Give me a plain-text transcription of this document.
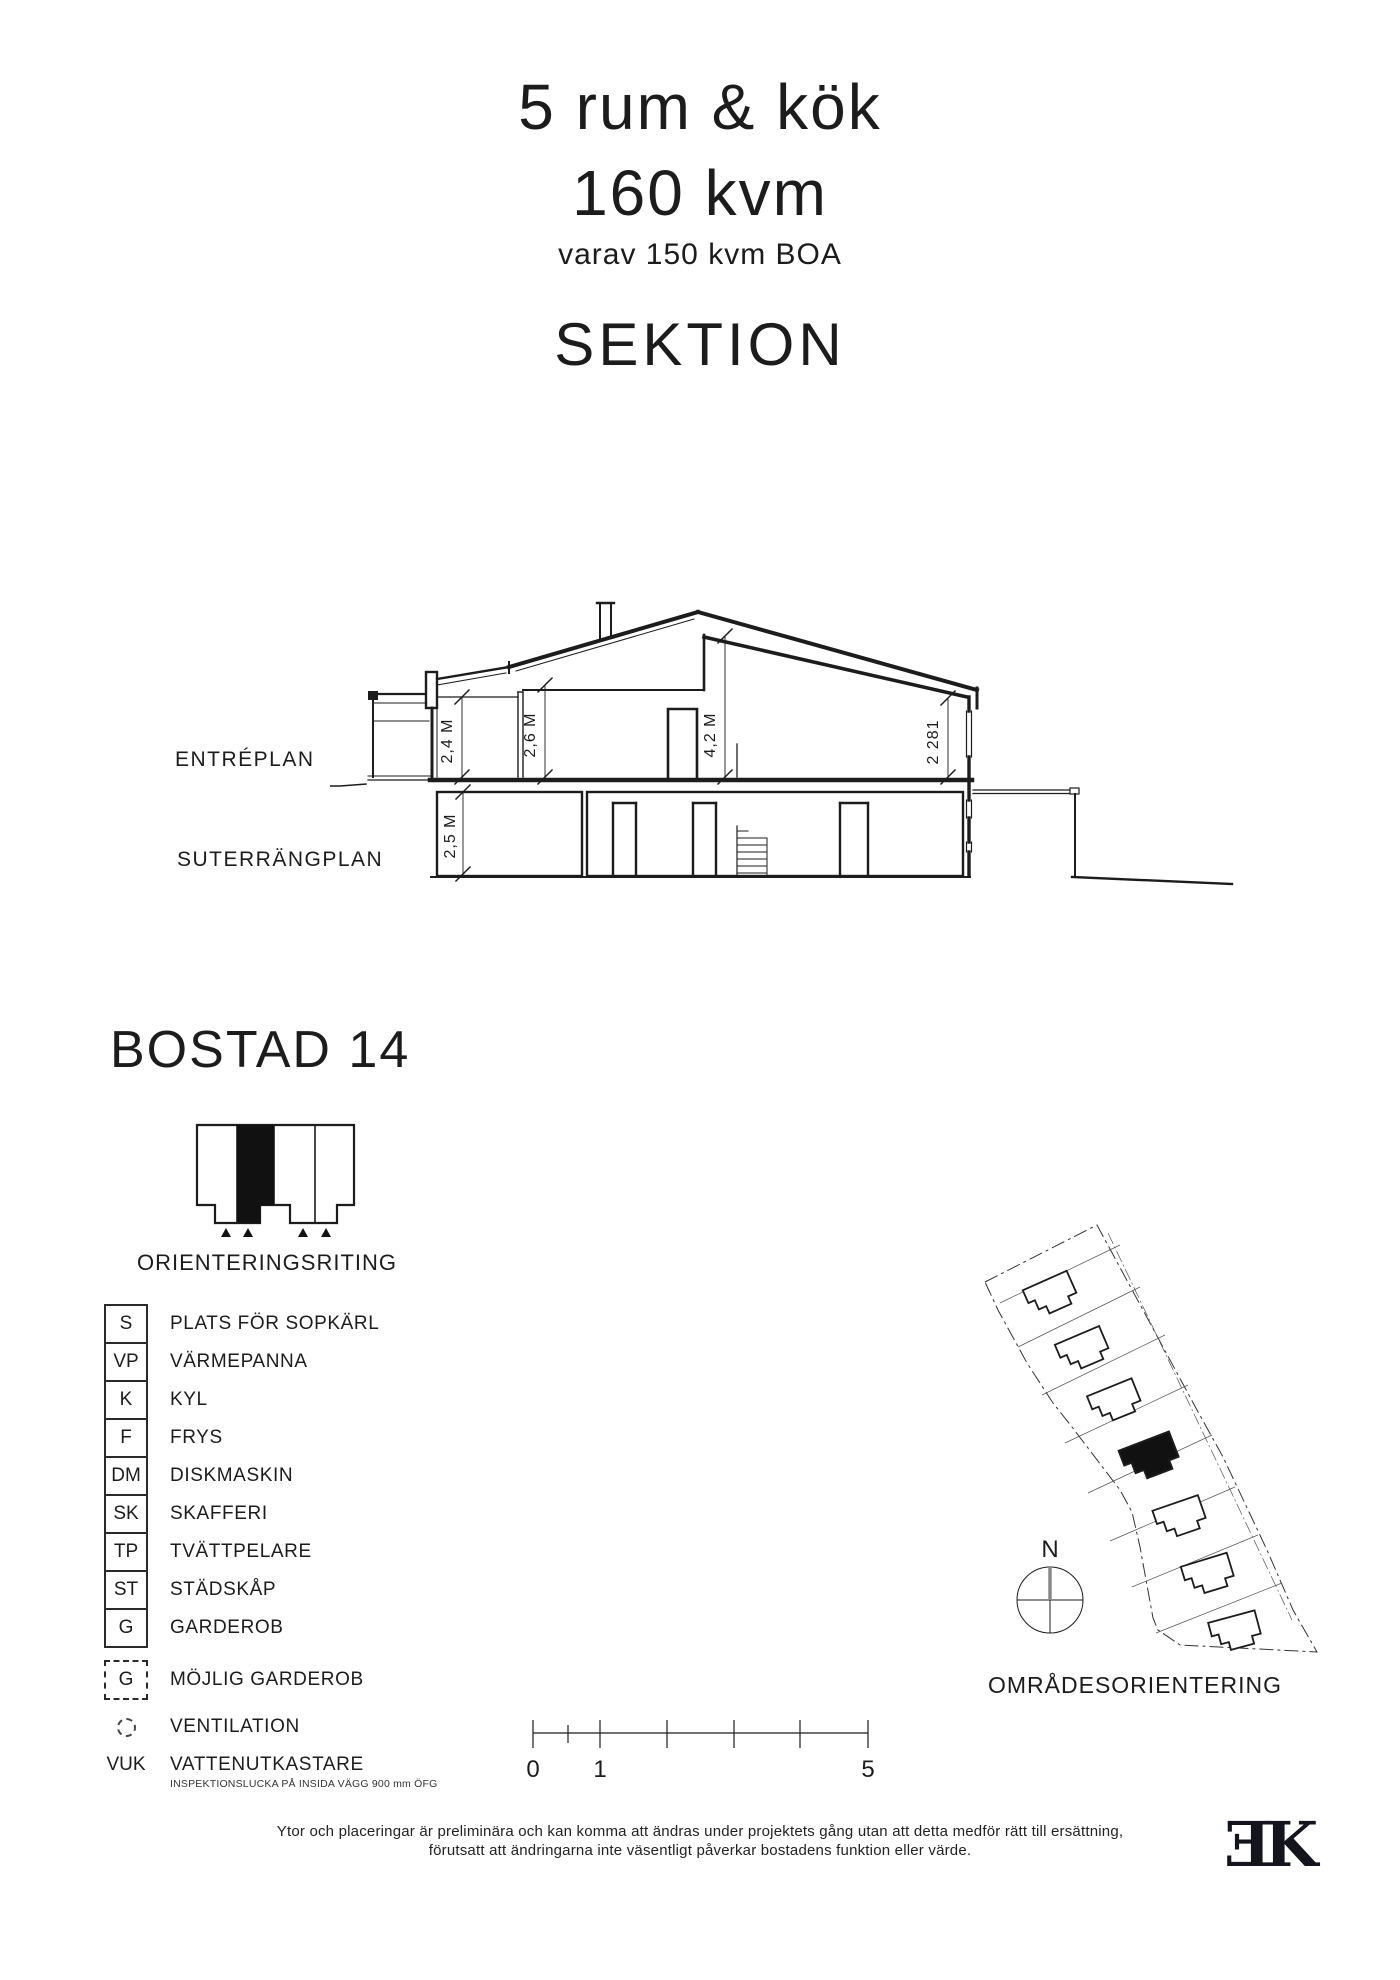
5 rum & kök
160 kvm
varav 150 kvm BOA
SEKTION
ENTRÉPLAN
SUTERRÄNGPLAN
2,4 M	2,6 M	4,2 M	2 281
2,5 M
BOSTAD 14
ORIENTERINGSRITING
S	PLATS FÖR SOPKÄRL
VP	VÄRMEPANNA
K	KYL
F	FRYS
DM	DISKMASKIN
SK	SKAFFERI
TP	TVÄTTPELARE
ST	STÄDSKÅP
G	GARDEROB
G	MÖJLIG GARDEROB
VENTILATION
VUK VATTENUTKASTARE
INSPEKTIONSLUCKA PÅ INSIDA VÄGG 900 mm ÖFG
N
OMRÅDESORIENTERING
0 1	5
Ytor och placeringar är preliminära och kan komma att ändras under projektets gång utan att detta medför rätt till ersättning,
förutsatt att ändringarna inte väsentligt påverkar bostadens funktion eller värde.	EK
